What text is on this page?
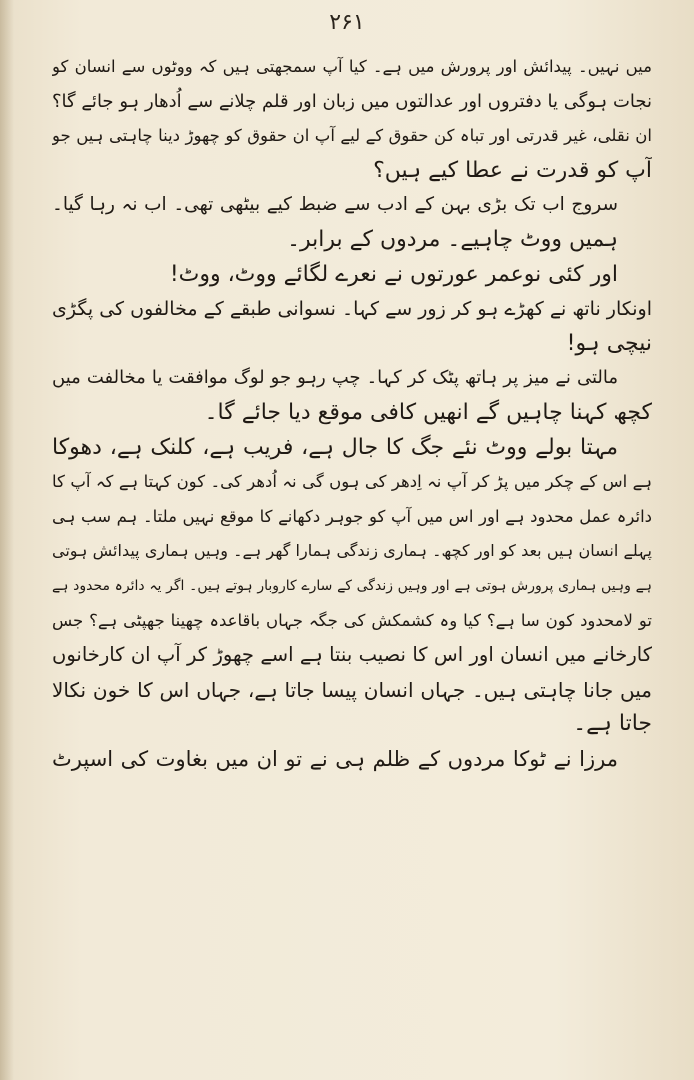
۲۶۱
میں نہیں۔ پیدائش اور پرورش میں ہے۔ کیا آپ سمجھتی ہیں کہ ووٹوں سے انسان کو
نجات ہوگی یا دفتروں اور عدالتوں میں زبان اور قلم چلانے سے اُدھار ہو جائے گا؟
ان نقلی، غیر قدرتی اور تباہ کن حقوق کے لیے آپ ان حقوق کو چھوڑ دینا چاہتی ہیں جو
آپ کو قدرت نے عطا کیے ہیں؟
سروج اب تک بڑی بہن کے ادب سے ضبط کیے بیٹھی تھی۔ اب نہ رہا گیا۔
ہمیں ووٹ چاہیے۔ مردوں کے برابر۔
اور کئی نوعمر عورتوں نے نعرے لگائے ووٹ، ووٹ!
اونکار ناتھ نے کھڑے ہو کر زور سے کہا۔ نسوانی طبقے کے مخالفوں کی پگڑی
نیچی ہو!
مالتی نے میز پر ہاتھ پٹک کر کہا۔ چپ رہو جو لوگ موافقت یا مخالفت میں
کچھ کہنا چاہیں گے انھیں کافی موقع دیا جائے گا۔
مہتا بولے ووٹ نئے جگ کا جال ہے، فریب ہے، کلنک ہے، دھوکا
ہے اس کے چکر میں پڑ کر آپ نہ اِدھر کی ہوں گی نہ اُدھر کی۔ کون کہتا ہے کہ آپ کا
دائرہ عمل محدود ہے اور اس میں آپ کو جوہر دکھانے کا موقع نہیں ملتا۔ ہم سب ہی
پہلے انسان ہیں بعد کو اور کچھ۔ ہماری زندگی ہمارا گھر ہے۔ وہیں ہماری پیدائش ہوتی
ہے وہیں ہماری پرورش ہوتی ہے اور وہیں زندگی کے سارے کاروبار ہوتے ہیں۔ اگر یہ دائرہ محدود ہے
تو لامحدود کون سا ہے؟ کیا وہ کشمکش کی جگہ جہاں باقاعدہ چھینا جھپٹی ہے؟ جس
کارخانے میں انسان اور اس کا نصیب بنتا ہے اسے چھوڑ کر آپ ان کارخانوں
میں جانا چاہتی ہیں۔ جہاں انسان پیسا جاتا ہے، جہاں اس کا خون نکالا
جاتا ہے۔
مرزا نے ٹوکا مردوں کے ظلم ہی نے تو ان میں بغاوت کی اسپرٹ
